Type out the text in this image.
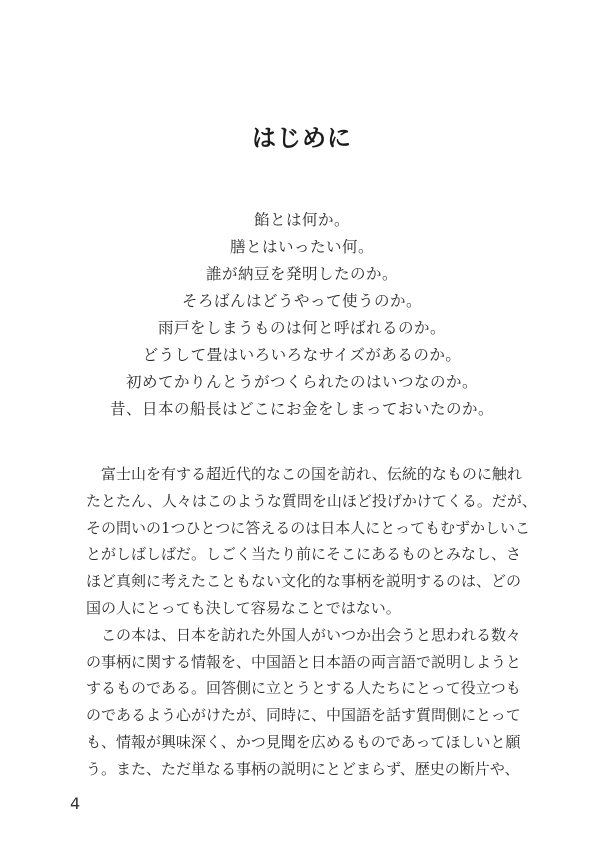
はじめに
餡とは何か。
膳とはいったい何。
誰が納豆を発明したのか。
そろばんはどうやって使うのか。
雨戸をしまうものは何と呼ばれるのか。
どうして畳はいろいろなサイズがあるのか。
初めてかりんとうがつくられたのはいつなのか。
昔、日本の船長はどこにお金をしまっておいたのか。
　富士山を有する超近代的なこの国を訪れ、伝統的なものに触れ
たとたん、人々はこのような質問を山ほど投げかけてくる。だが、
その問いの1つひとつに答えるのは日本人にとってもむずかしいこ
とがしばしばだ。しごく当たり前にそこにあるものとみなし、さ
ほど真剣に考えたこともない文化的な事柄を説明するのは、どの
国の人にとっても決して容易なことではない。
　この本は、日本を訪れた外国人がいつか出会うと思われる数々
の事柄に関する情報を、中国語と日本語の両言語で説明しようと
するものである。回答側に立とうとする人たちにとって役立つも
のであるよう心がけたが、同時に、中国語を話す質問側にとって
も、情報が興味深く、かつ見聞を広めるものであってほしいと願
う。また、ただ単なる事柄の説明にとどまらず、歴史の断片や、
4
